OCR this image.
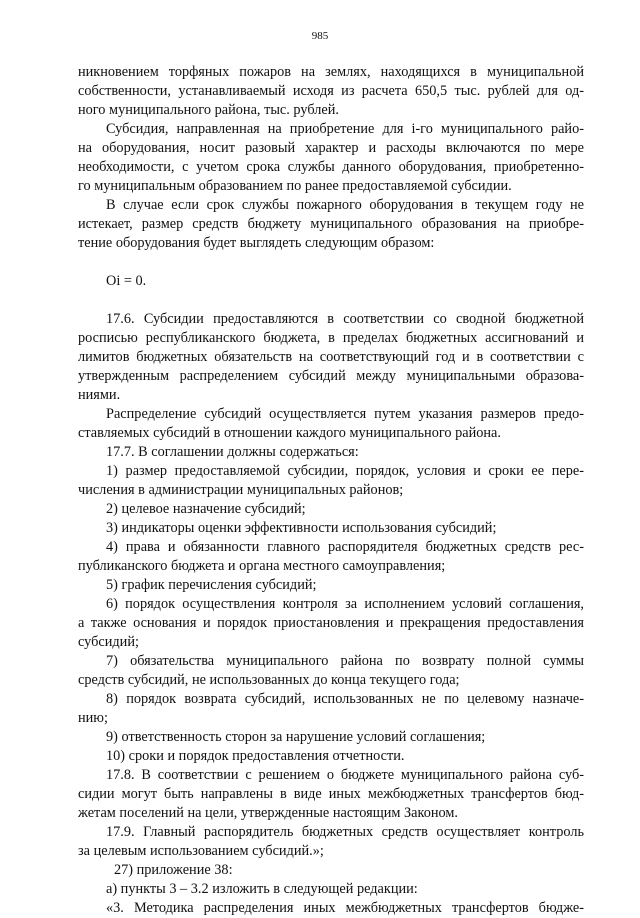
985

никновением торфяных пожаров на землях, находящихся в муниципальной

собственности, устанавливаемый исходя из расчета 650,5 тыс. рублей для од-

ного муниципального района, тыс. рублей.

Субсидия, направленная на приобретение для i-го муниципального райо-

на оборудования, носит разовый характер и расходы включаются по мере

необходимости, с учетом срока службы данного оборудования, приобретенно-

го муниципальным образованием по ранее предоставляемой субсидии.

В случае если срок службы пожарного оборудования в текущем году не

истекает, размер средств бюджету муниципального образования на приобре-

тение оборудования будет выглядеть следующим образом:

Оi = 0.

17.6. Субсидии предоставляются в соответствии со сводной бюджетной

росписью республиканского бюджета, в пределах бюджетных ассигнований и

лимитов бюджетных обязательств на соответствующий год и в соответствии с

утвержденным распределением субсидий между муниципальными образова-

ниями.

Распределение субсидий осуществляется путем указания размеров предо-

ставляемых субсидий в отношении каждого муниципального района.

17.7. В соглашении должны содержаться:

1) размер предоставляемой субсидии, порядок, условия и сроки ее пере-

числения в администрации муниципальных районов;

2) целевое назначение субсидий;

3) индикаторы оценки эффективности использования субсидий;

4) права и обязанности главного распорядителя бюджетных средств рес-

публиканского бюджета и органа местного самоуправления;

5) график перечисления субсидий;

6) порядок осуществления контроля за исполнением условий соглашения,

а также основания и порядок приостановления и прекращения предоставления

субсидий;

7) обязательства муниципального района по возврату полной суммы

средств субсидий, не использованных до конца текущего года;

8) порядок возврата субсидий, использованных не по целевому назначе-

нию;

9) ответственность сторон за нарушение условий соглашения;

10) сроки и порядок предоставления отчетности.

17.8. В соответствии с решением о бюджете муниципального района суб-

сидии могут быть направлены в виде иных межбюджетных трансфертов бюд-

жетам поселений на цели, утвержденные настоящим Законом.

17.9. Главный распорядитель бюджетных средств осуществляет контроль

за целевым использованием субсидий.»;

27) приложение 38:

а) пункты 3 – 3.2 изложить в следующей редакции:

«3. Методика распределения иных межбюджетных трансфертов бюдже-
